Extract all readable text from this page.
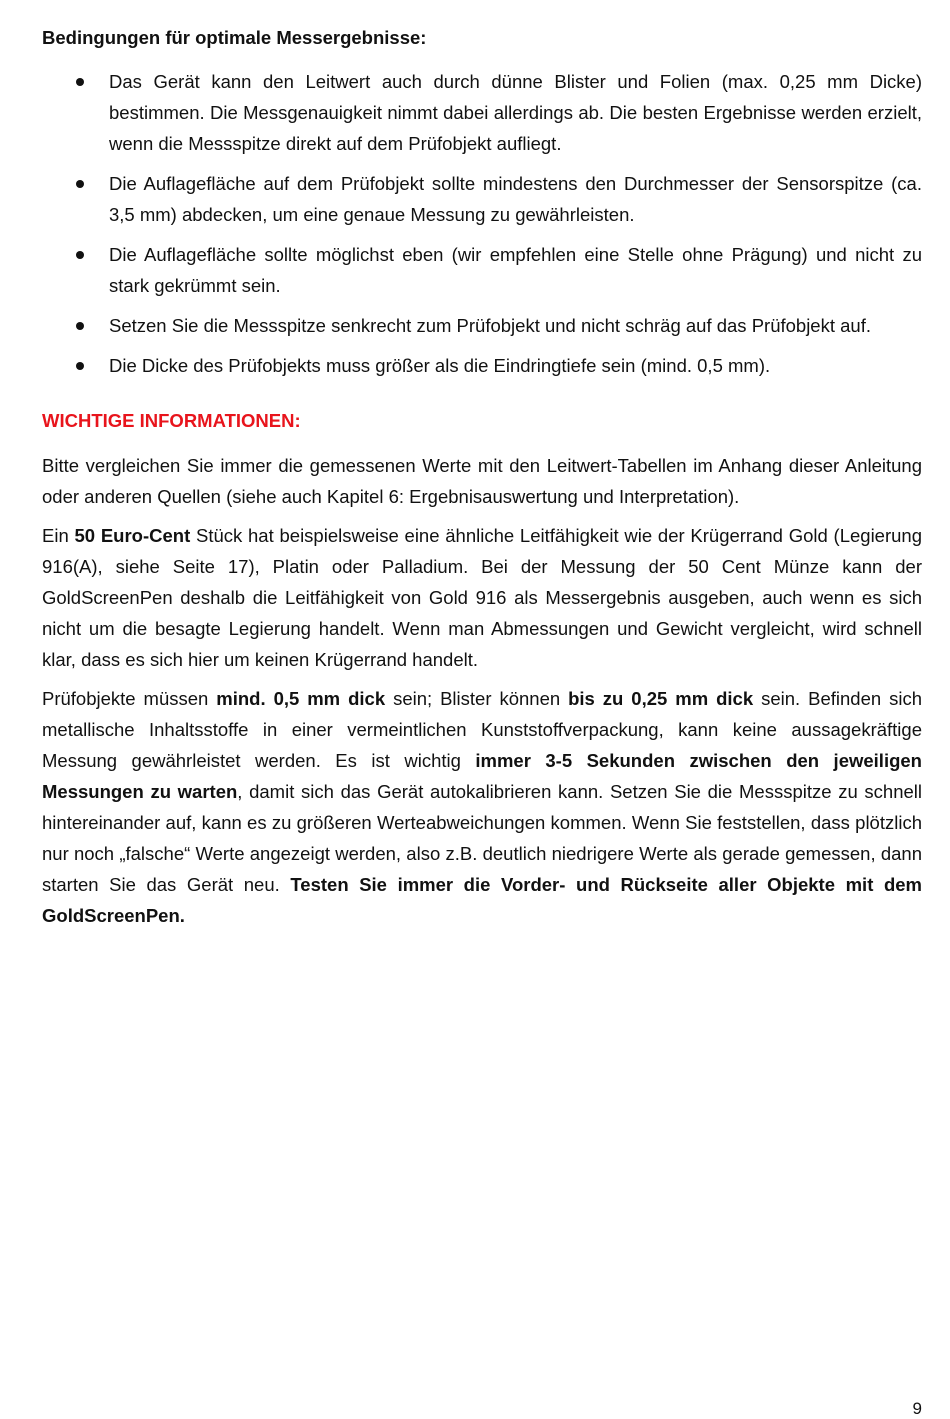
Bedingungen für optimale Messergebnisse:
Das Gerät kann den Leitwert auch durch dünne Blister und Folien (max. 0,25 mm Dicke) bestimmen. Die Messgenauigkeit nimmt dabei allerdings ab. Die besten Ergebnisse werden erzielt, wenn die Messspitze direkt auf dem Prüfobjekt aufliegt.
Die Auflagefläche auf dem Prüfobjekt sollte mindestens den Durchmesser der Sensorspitze (ca. 3,5 mm) abdecken, um eine genaue Messung zu gewährleisten.
Die Auflagefläche sollte möglichst eben (wir empfehlen eine Stelle ohne Prägung) und nicht zu stark gekrümmt sein.
Setzen Sie die Messspitze senkrecht zum Prüfobjekt und nicht schräg auf das Prüfobjekt auf.
Die Dicke des Prüfobjekts muss größer als die Eindringtiefe sein (mind. 0,5 mm).
WICHTIGE INFORMATIONEN:

Bitte vergleichen Sie immer die gemessenen Werte mit den Leitwert-Tabellen im Anhang dieser Anleitung oder anderen Quellen (siehe auch Kapitel 6: Ergebnisauswertung und Interpretation).

Ein 50 Euro-Cent Stück hat beispielsweise eine ähnliche Leitfähigkeit wie der Krügerrand Gold (Legierung 916(A), siehe Seite 17), Platin oder Palladium. Bei der Messung der 50 Cent Münze kann der GoldScreenPen deshalb die Leitfähigkeit von Gold 916 als Messergebnis ausgeben, auch wenn es sich nicht um die besagte Legierung handelt. Wenn man Abmessungen und Gewicht vergleicht, wird schnell klar, dass es sich hier um keinen Krügerrand handelt.

Prüfobjekte müssen mind. 0,5 mm dick sein; Blister können bis zu 0,25 mm dick sein. Befinden sich metallische Inhaltsstoffe in einer vermeintlichen Kunststoffverpackung, kann keine aussagekräftige Messung gewährleistet werden. Es ist wichtig immer 3-5 Sekunden zwischen den jeweiligen Messungen zu warten, damit sich das Gerät autokalibrieren kann. Setzen Sie die Messspitze zu schnell hintereinander auf, kann es zu größeren Werteabweichungen kommen. Wenn Sie feststellen, dass plötzlich nur noch „falsche“ Werte angezeigt werden, also z.B. deutlich niedrigere Werte als gerade gemessen, dann starten Sie das Gerät neu. Testen Sie immer die Vorder- und Rückseite aller Objekte mit dem GoldScreenPen.

9
